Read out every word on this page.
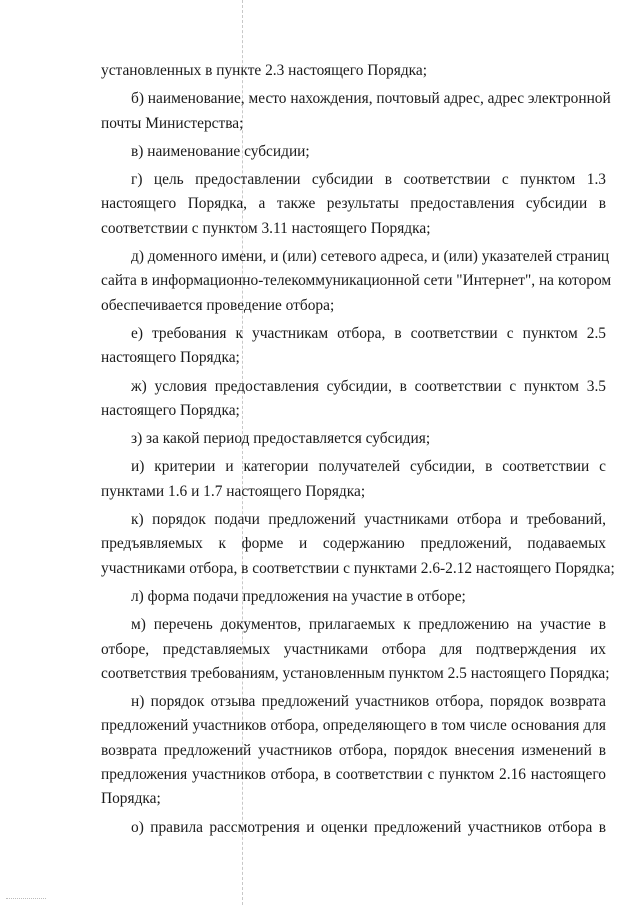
установленных в пункте 2.3 настоящего Порядка;
б) наименование, место нахождения, почтовый адрес, адрес электронной
почты Министерства;
в) наименование субсидии;
г) цель предоставлении субсидии в соответствии с пунктом 1.3
настоящего Порядка, а также результаты предоставления субсидии в
соответствии с пунктом 3.11 настоящего Порядка;
д) доменного имени, и (или) сетевого адреса, и (или) указателей страниц
сайта в информационно-телекоммуникационной сети "Интернет", на котором
обеспечивается проведение отбора;
е) требования к участникам отбора, в соответствии с пунктом 2.5
настоящего Порядка;
ж) условия предоставления субсидии, в соответствии с пунктом 3.5
настоящего Порядка;
з) за какой период предоставляется субсидия;
и) критерии и категории получателей субсидии, в соответствии с
пунктами 1.6 и 1.7 настоящего Порядка;
к) порядок подачи предложений участниками отбора и требований,
предъявляемых к форме и содержанию предложений, подаваемых
участниками отбора, в соответствии с пунктами 2.6-2.12 настоящего Порядка;
л) форма подачи предложения на участие в отборе;
м) перечень документов, прилагаемых к предложению на участие в
отборе, представляемых участниками отбора для подтверждения их
соответствия требованиям, установленным пунктом 2.5 настоящего Порядка;
н) порядок отзыва предложений участников отбора, порядок возврата
предложений участников отбора, определяющего в том числе основания для
возврата предложений участников отбора, порядок внесения изменений в
предложения участников отбора, в соответствии с пунктом 2.16 настоящего
Порядка;
о) правила рассмотрения и оценки предложений участников отбора в
